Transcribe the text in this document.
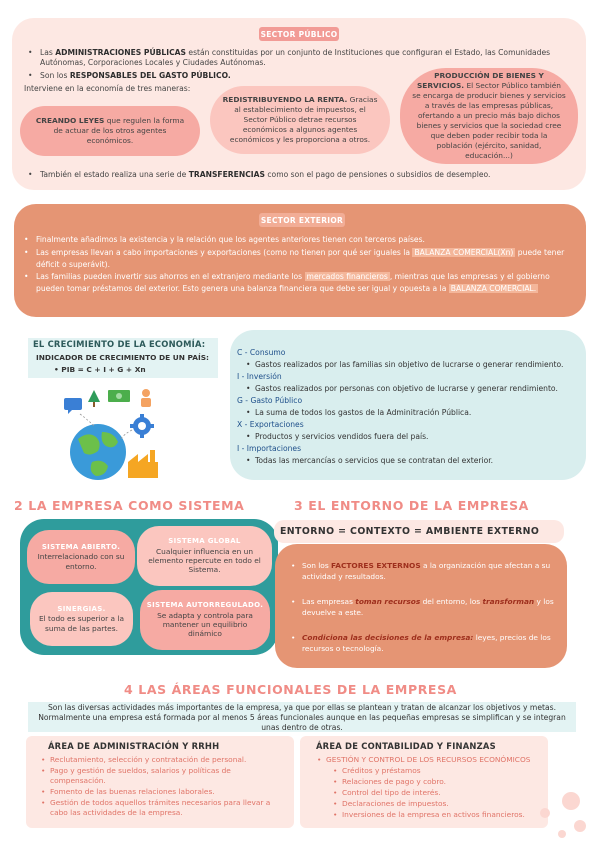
SECTOR PÚBLICO
• Las ADMINISTRACIONES PÚBLICAS están constituidas por un conjunto de Instituciones que configuran el Estado, las Comunidades Autónomas, Corporaciones Locales y Ciudades Autónomas.
• Son los RESPONSABLES DEL GASTO PÚBLICO.
Interviene en la economía de tres maneras:
CREANDO LEYES que regulen la forma de actuar de los otros agentes económicos.
REDISTRIBUYENDO LA RENTA. Gracias al establecimiento de impuestos, el Sector Público detrae recursos económicos a algunos agentes económicos y les proporciona a otros.
PRODUCCIÓN DE BIENES Y SERVICIOS. El Sector Público también se encarga de producir bienes y servicios a través de las empresas públicas, ofertando a un precio más bajo dichos bienes y servicios que la sociedad cree que deben poder recibir toda la población (ejército, sanidad, educación...)
• También el estado realiza una serie de TRANSFERENCIAS como son el pago de pensiones o subsidios de desempleo.
SECTOR EXTERIOR
• Finalmente añadimos la existencia y la relación que los agentes anteriores tienen con terceros países.
Las empresas llevan a cabo importaciones y exportaciones (como no tienen por qué ser iguales la BALANZA COMERCIAL(Xn) puede tener déficit o superávit).
Las familias pueden invertir sus ahorros en el extranjero mediante los mercados financieros , mientras que las empresas y el gobierno pueden tomar préstamos del exterior. Esto genera una balanza financiera que debe ser igual y opuesta a la BALANZA COMERCIAL.
EL CRECIMIENTO DE LA ECONOMÍA:
INDICADOR DE CRECIMIENTO DE UN PAÍS:
• PIB = C + I + G + Xn
C - Consumo
• Gastos realizados por las familias sin objetivo de lucrarse o generar rendimiento.
I - Inversión
• Gastos realizados por personas con objetivo de lucrarse y generar rendimiento.
G - Gasto Público
• La suma de todos los gastos de la Adminitración Pública.
X - Exportaciones
• Productos y servicios vendidos fuera del país.
I - Importaciones
• Todas las mercancías o servicios que se contratan del exterior.
2 LA EMPRESA COMO SISTEMA
SISTEMA ABIERTO.
Interrelacionado con su entorno.
SISTEMA GLOBAL
Cualquier influencia en un elemento repercute en todo el Sistema.
SINERGIAS.
El todo es superior a la suma de las partes.
SISTEMA AUTORREGULADO.
Se adapta y controla para mantener un equilibrio dinámico
3 EL ENTORNO DE LA EMPRESA
ENTORNO = CONTEXTO = AMBIENTE EXTERNO
• Son los FACTORES EXTERNOS a la organización que afectan a su actividad y resultados.
• Las empresas toman recursos del entorno, los transforman y los devuelve a este.
• Condiciona las decisiones de la empresa: leyes, precios de los recursos o tecnología.
4 LAS ÁREAS FUNCIONALES DE LA EMPRESA
Son las diversas actividades más importantes de la empresa, ya que por ellas se plantean y tratan de alcanzar los objetivos y metas. Normalmente una empresa está formada por al menos 5 áreas funcionales aunque en las pequeñas empresas se simplifican y se integran unas dentro de otras.
ÁREA DE ADMINISTRACIÓN Y RRHH
• Reclutamiento, selección y contratación de personal.
• Pago y gestión de sueldos, salarios y políticas de compensación.
• Fomento de las buenas relaciones laborales.
• Gestión de todos aquellos trámites necesarios para llevar a cabo las actividades de la empresa.
ÁREA DE CONTABILIDAD Y FINANZAS
• GESTIÓN Y CONTROL DE LOS RECURSOS ECONÓMICOS
• Créditos y préstamos
• Relaciones de pago y cobro.
• Control del tipo de interés.
• Declaraciones de impuestos.
• Inversiones de la empresa en activos financieros.
